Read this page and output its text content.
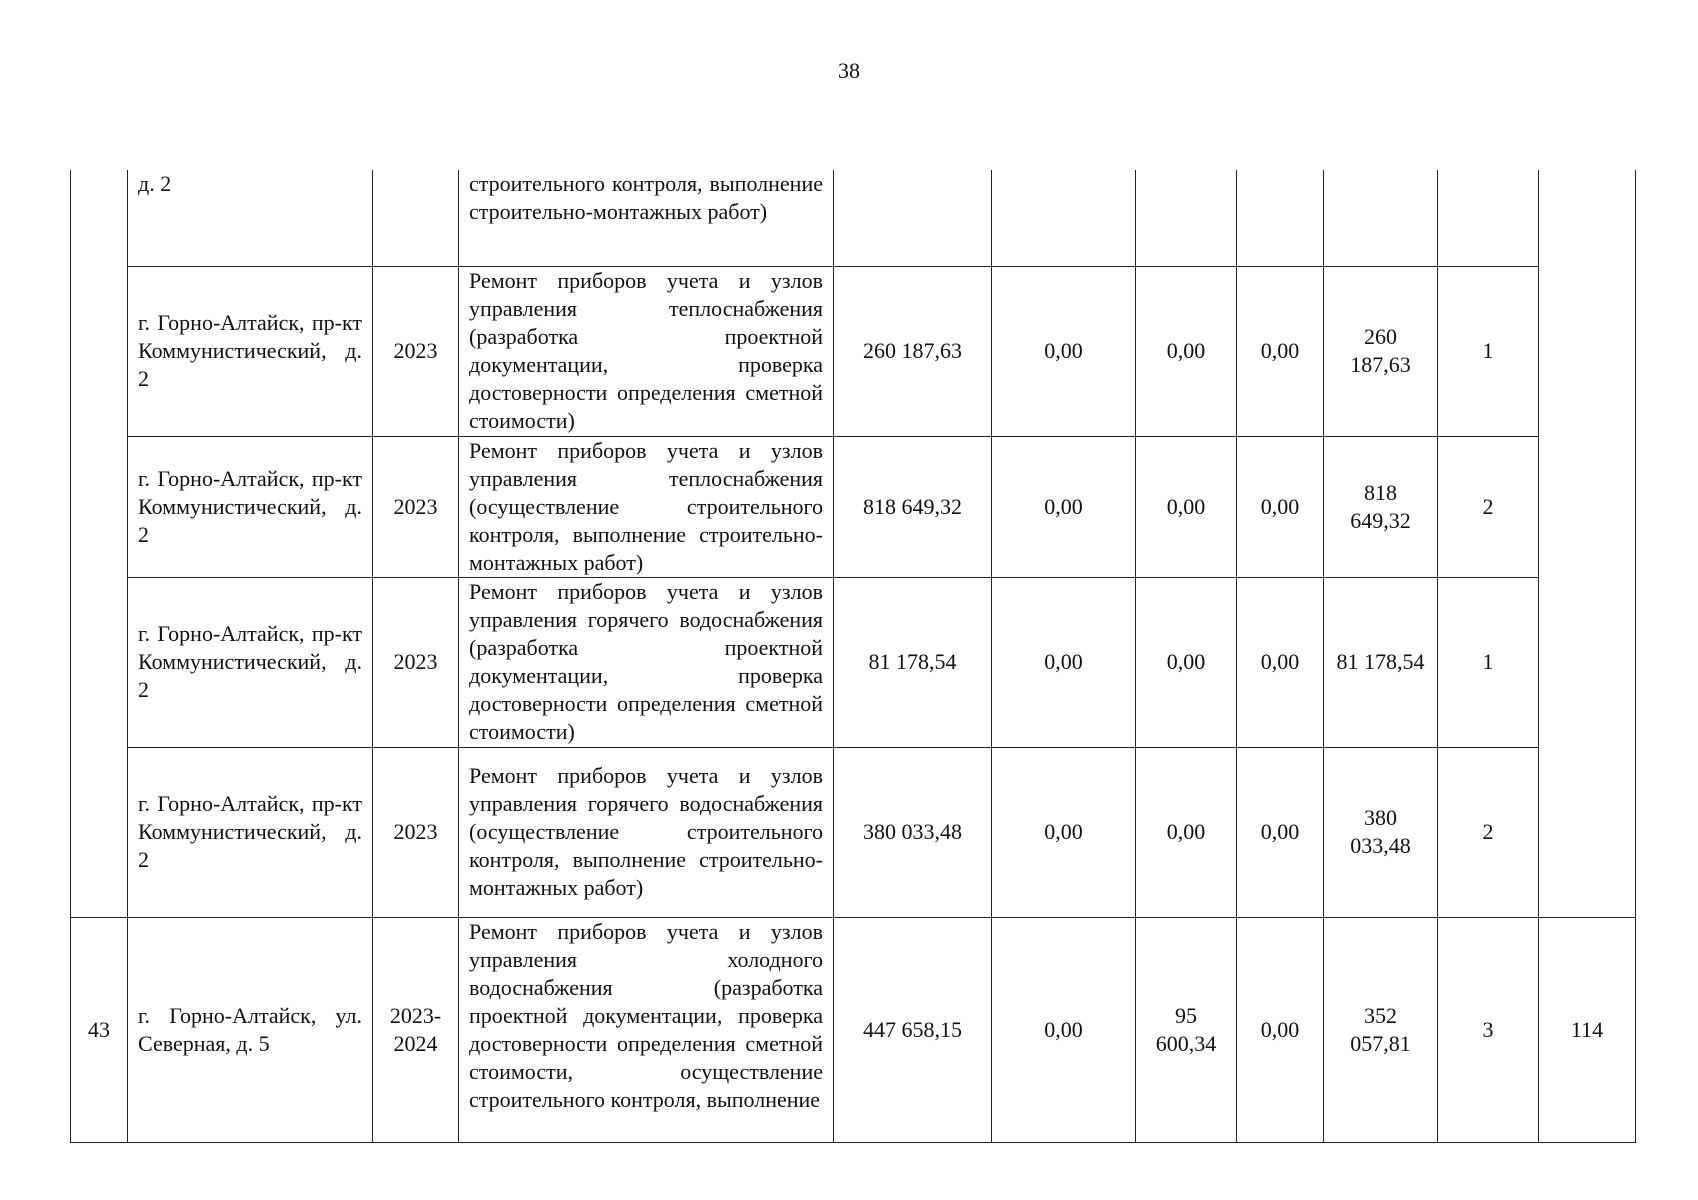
38

	д. 2		строительного контроля, выполнение строительно-монтажных работ)							

	г. Горно-Алтайск, пр-кт Коммунистический, д. 2	2023	Ремонт приборов учета и узлов управления теплоснабжения (разработка проектной документации, проверка достоверности определения сметной стоимости)	260 187,63	0,00	0,00	0,00	260 187,63	1	

	г. Горно-Алтайск, пр-кт Коммунистический, д. 2	2023	Ремонт приборов учета и узлов управления теплоснабжения (осуществление строительного контроля, выполнение строительно-монтажных работ)	818 649,32	0,00	0,00	0,00	818 649,32	2	

	г. Горно-Алтайск, пр-кт Коммунистический, д. 2	2023	Ремонт приборов учета и узлов управления горячего водоснабжения (разработка проектной документации, проверка достоверности определения сметной стоимости)	81 178,54	0,00	0,00	0,00	81 178,54	1	

	г. Горно-Алтайск, пр-кт Коммунистический, д. 2	2023	Ремонт приборов учета и узлов управления горячего водоснабжения (осуществление строительного контроля, выполнение строительно-монтажных работ)	380 033,48	0,00	0,00	0,00	380 033,48	2	
43	г. Горно-Алтайск, ул. Северная, д. 5	2023-2024	Ремонт приборов учета и узлов управления холодного водоснабжения (разработка проектной документации, проверка достоверности определения сметной стоимости, осуществление строительного контроля, выполнение	447 658,15	0,00	95 600,34	0,00	352 057,81	3	114
